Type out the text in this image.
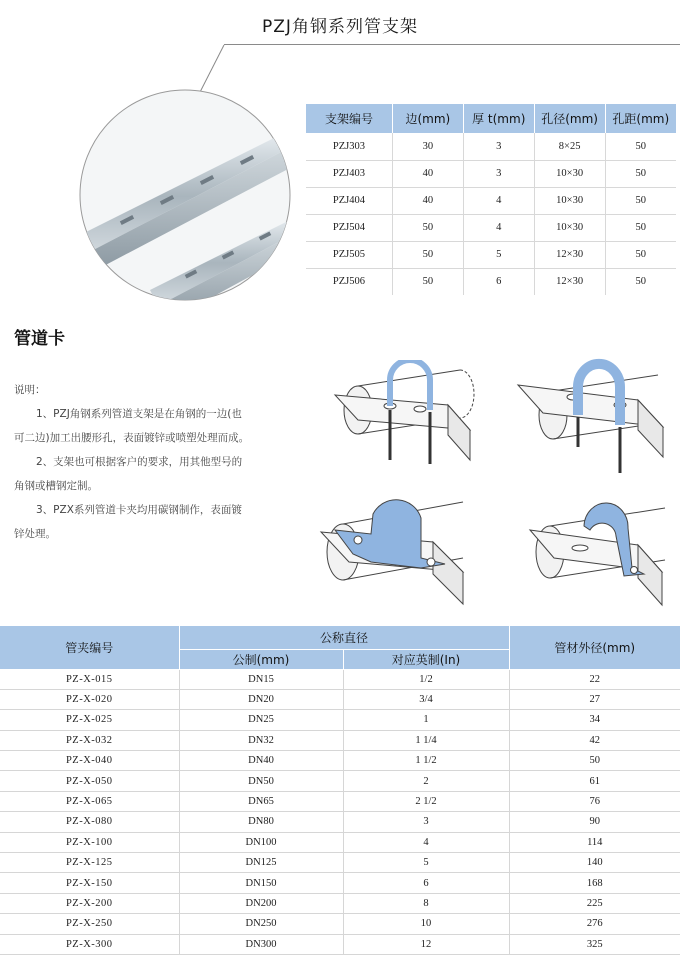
PZJ角钢系列管支架
支架编号	边(mm)	厚 t(mm)	孔径(mm)	孔距(mm)
PZJ303	30	3	8×25	50
PZJ403	40	3	10×30	50
PZJ404	40	4	10×30	50
PZJ504	50	4	10×30	50
PZJ505	50	5	12×30	50
PZJ506	50	6	12×30	50
管道卡
说明：
1、PZJ角钢系列管道支架是在角钢的一边(也可二边)加工出腰形孔，表面镀锌或喷塑处理而成。
2、支架也可根据客户的要求，用其他型号的角钢或槽钢定制。
3、PZX系列管道卡夹均用碳钢制作，表面镀锌处理。
管夹编号	公称直径		管材外径(mm)
	公制(mm)	对应英制(In)	
PZ-X-015	DN15	1/2	22
PZ-X-020	DN20	3/4	27
PZ-X-025	DN25	1	34
PZ-X-032	DN32	1 1/4	42
PZ-X-040	DN40	1 1/2	50
PZ-X-050	DN50	2	61
PZ-X-065	DN65	2 1/2	76
PZ-X-080	DN80	3	90
PZ-X-100	DN100	4	114
PZ-X-125	DN125	5	140
PZ-X-150	DN150	6	168
PZ-X-200	DN200	8	225
PZ-X-250	DN250	10	276
PZ-X-300	DN300	12	325
